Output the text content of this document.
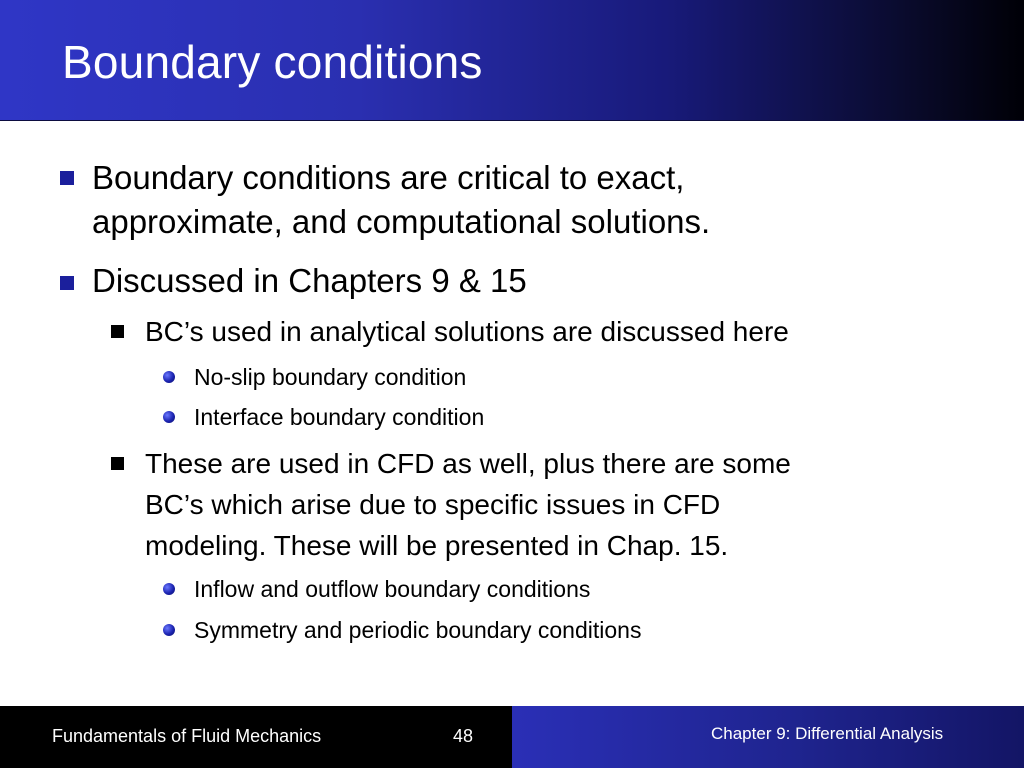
Boundary conditions
Boundary conditions are critical to exact,
approximate, and computational solutions.
Discussed in Chapters 9 & 15
BC’s used in analytical solutions are discussed here
No-slip boundary condition
Interface boundary condition
These are used in CFD as well, plus there are some
BC’s which arise due to specific issues in CFD
modeling. These will be presented in Chap. 15.
Inflow and outflow boundary conditions
Symmetry and periodic boundary conditions
Fundamentals of Fluid Mechanics	48	Chapter 9: Differential Analysis
